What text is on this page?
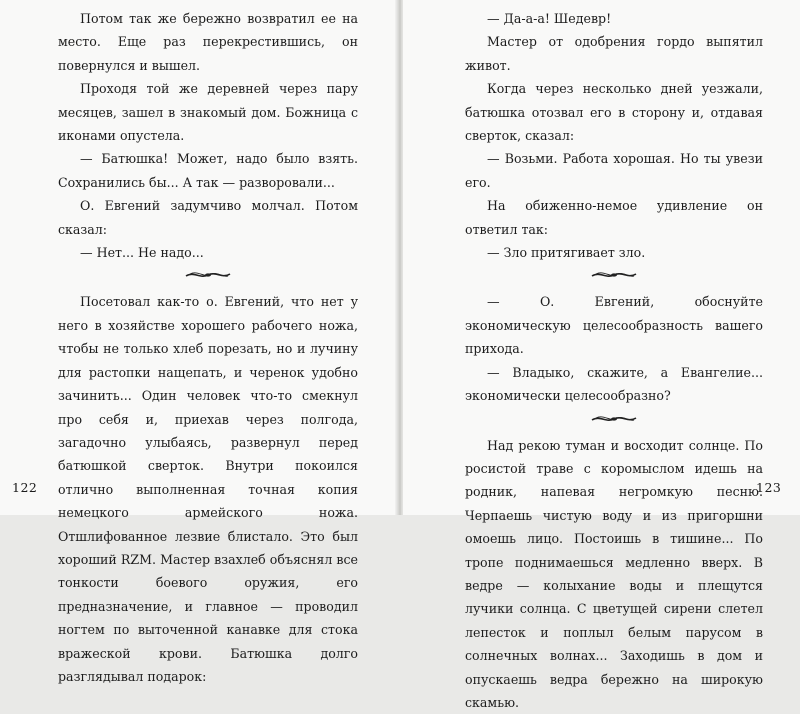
Потом так же бережно возвратил ее на место. Еще раз перекрестившись, он повернулся и вышел.

Проходя той же деревней через пару месяцев, зашел в знакомый дом. Божница с иконами опустела.

— Батюшка! Может, надо было взять. Сохранились бы... А так — разворовали...

О. Евгений задумчиво молчал. Потом сказал:

— Нет... Не надо...

Посетовал как-то о. Евгений, что нет у него в хозяйстве хорошего рабочего ножа, чтобы не только хлеб порезать, но и лучину для растопки нащепать, и черенок удобно зачинить... Один человек что-то смекнул про себя и, приехав через полгода, загадочно улыбаясь, развернул перед батюшкой сверток. Внутри покоился отлично выполненная точная копия немецкого армейского ножа. Отшлифованное лезвие блистало. Это был хороший RZM. Мастер взахлеб объяснял все тонкости боевого оружия, его предназначение, и главное — проводил ногтем по выточенной канавке для стока вражеской крови. Батюшка долго разглядывал подарок:

122

— Да-а-а! Шедевр!

Мастер от одобрения гордо выпятил живот.

Когда через несколько дней уезжали, батюшка отозвал его в сторону и, отдавая сверток, сказал:

— Возьми. Работа хорошая. Но ты увези его.

На обиженно-немое удивление он ответил так:

— Зло притягивает зло.

— О. Евгений, обоснуйте экономическую целесообразность вашего прихода.

— Владыко, скажите, а Евангелие... экономически целесообразно?

Над рекою туман и восходит солнце. По росистой траве с коромыслом идешь на родник, напевая негромкую песню. Черпаешь чистую воду и из пригоршни омоешь лицо. Постоишь в тишине... По тропе поднимаешься медленно вверх. В ведре — колыхание воды и плещутся лучики солнца. С цветущей сирени слетел лепесток и поплыл белым парусом в солнечных волнах... Заходишь в дом и опускаешь ведра бережно на широкую скамью.

123
